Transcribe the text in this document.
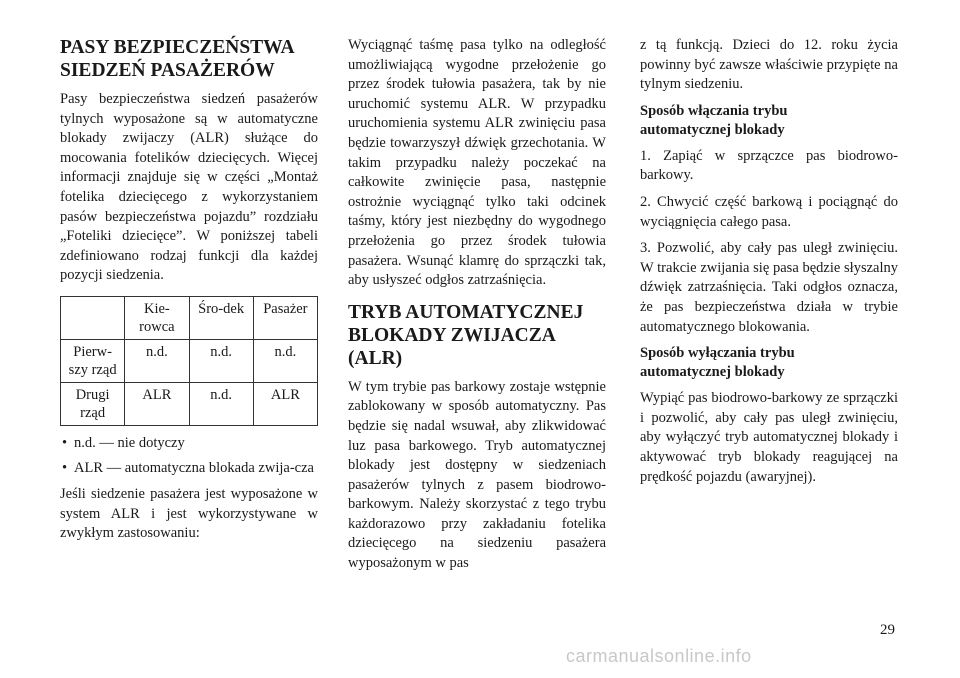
PASY BEZPIECZEŃSTWA
SIEDZEŃ PASAŻERÓW

Pasy bezpieczeństwa siedzeń pasażerów tylnych wyposażone są w automatyczne blokady zwijaczy (ALR) służące do mocowania fotelików dziecięcych. Więcej informacji znajduje się w części „Montaż fotelika dziecięcego z wykorzystaniem pasów bezpieczeństwa pojazdu” rozdziału „Foteliki dziecięce”. W poniższej tabeli zdefiniowano rodzaj funkcji dla każdej pozycji siedzenia.

	Kie-rowca	Śro-dek	Pasażer
Pierw-szy rząd	n.d.	n.d.	n.d.
Drugi rząd	ALR	n.d.	ALR
• n.d. — nie dotyczy
• ALR — automatyczna blokada zwija-cza

Jeśli siedzenie pasażera jest wyposażone w system ALR i jest wykorzystywane w zwykłym zastosowaniu:

Wyciągnąć taśmę pasa tylko na odległość umożliwiającą wygodne przełożenie go przez środek tułowia pasażera, tak by nie uruchomić systemu ALR. W przypadku uruchomienia systemu ALR zwinięciu pasa będzie towarzyszył dźwięk grzechotania. W takim przypadku należy poczekać na całkowite zwinięcie pasa, następnie ostrożnie wyciągnąć tylko taki odcinek taśmy, który jest niezbędny do wygodnego przełożenia go przez środek tułowia pasażera. Wsunąć klamrę do sprzączki tak, aby usłyszeć odgłos zatrzaśnięcia.

TRYB AUTOMATYCZNEJ
BLOKADY ZWIJACZA
(ALR)

W tym trybie pas barkowy zostaje wstępnie zablokowany w sposób automatyczny. Pas będzie się nadal wsuwał, aby zlikwidować luz pasa barkowego. Tryb automatycznej blokady jest dostępny w siedzeniach pasażerów tylnych z pasem biodrowo-barkowym. Należy skorzystać z tego trybu każdorazowo przy zakładaniu fotelika dziecięcego na siedzeniu pasażera wyposażonym w pas

z tą funkcją. Dzieci do 12. roku życia powinny być zawsze właściwie przypięte na tylnym siedzeniu.

Sposób włączania trybu
automatycznej blokady

1. Zapiąć w sprzączce pas biodrowo-barkowy.

2. Chwycić część barkową i pociągnąć do wyciągnięcia całego pasa.

3. Pozwolić, aby cały pas uległ zwinięciu. W trakcie zwijania się pasa będzie słyszalny dźwięk zatrzaśnięcia. Taki odgłos oznacza, że pas bezpieczeństwa działa w trybie automatycznego blokowania.

Sposób wyłączania trybu
automatycznej blokady

Wypiąć pas biodrowo-barkowy ze sprzączki i pozwolić, aby cały pas uległ zwinięciu, aby wyłączyć tryb automatycznej blokady i aktywować tryb blokady reagującej na prędkość pojazdu (awaryjnej).

29
carmanualsonline.info
